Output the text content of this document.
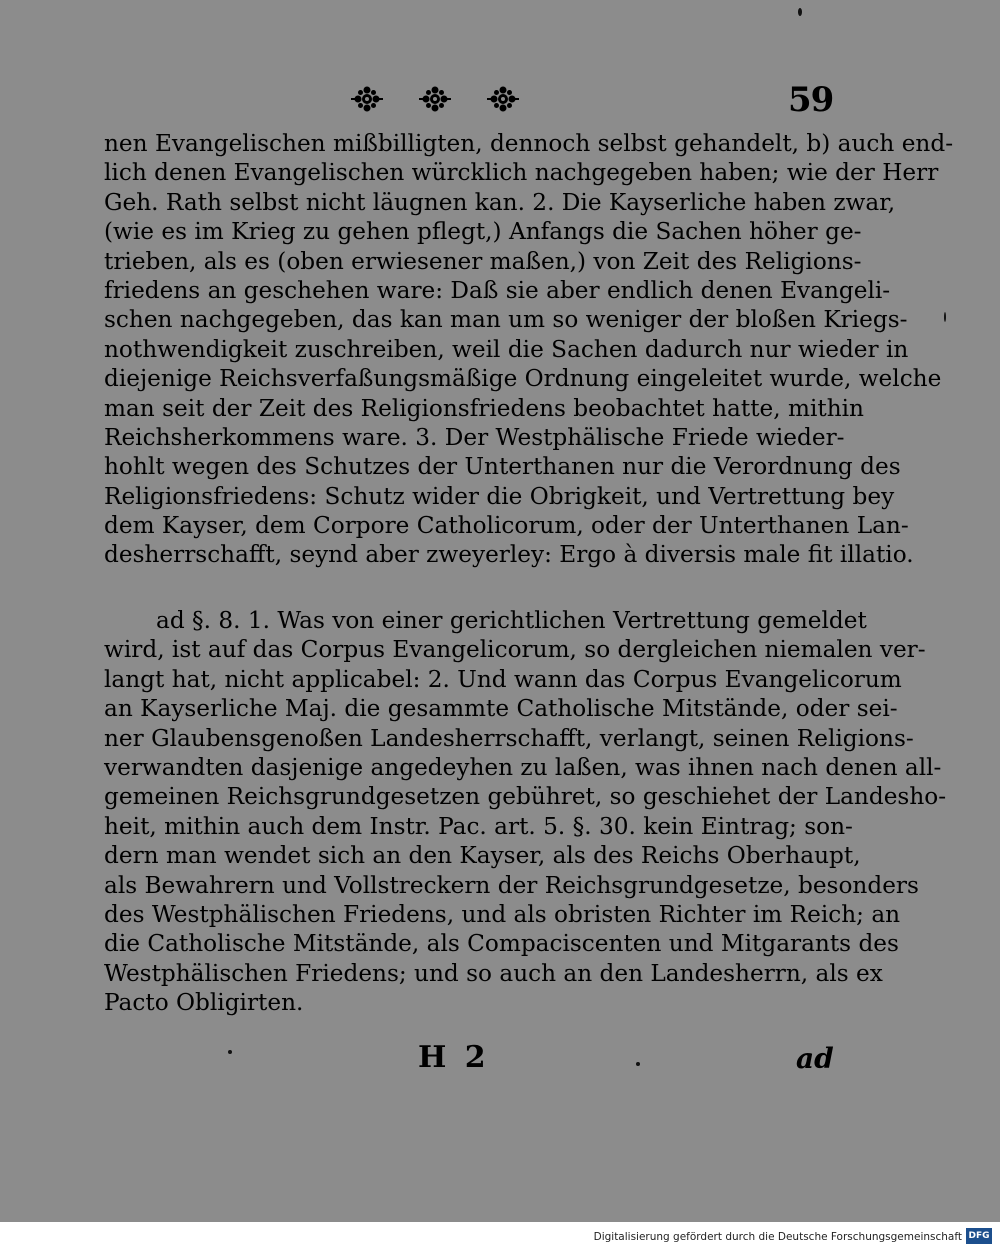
59
nen Evangelischen mißbilligten, dennoch selbst gehandelt, b) auch end-
lich denen Evangelischen würcklich nachgegeben haben; wie der Herr
Geh. Rath selbst nicht läugnen kan. 2. Die Kayserliche haben zwar,
(wie es im Krieg zu gehen pflegt,) Anfangs die Sachen höher ge-
trieben, als es (oben erwiesener maßen,) von Zeit des Religions-
friedens an geschehen ware: Daß sie aber endlich denen Evangeli-
schen nachgegeben, das kan man um so weniger der bloßen Kriegs-
nothwendigkeit zuschreiben, weil die Sachen dadurch nur wieder in
diejenige Reichsverfaßungsmäßige Ordnung eingeleitet wurde, welche
man seit der Zeit des Religionsfriedens beobachtet hatte, mithin
Reichsherkommens ware. 3. Der Westphälische Friede wieder-
hohlt wegen des Schutzes der Unterthanen nur die Verordnung des
Religionsfriedens: Schutz wider die Obrigkeit, und Vertrettung bey
dem Kayser, dem Corpore Catholicorum, oder der Unterthanen Lan-
desherrschafft, seynd aber zweyerley: Ergo à diversis male fit illatio.
ad §. 8. 1. Was von einer gerichtlichen Vertrettung gemeldet
wird, ist auf das Corpus Evangelicorum, so dergleichen niemalen ver-
langt hat, nicht applicabel: 2. Und wann das Corpus Evangelicorum
an Kayserliche Maj. die gesammte Catholische Mitstände, oder sei-
ner Glaubensgenoßen Landesherrschafft, verlangt, seinen Religions-
verwandten dasjenige angedeyhen zu laßen, was ihnen nach denen all-
gemeinen Reichsgrundgesetzen gebühret, so geschiehet der Landesho-
heit, mithin auch dem Instr. Pac. art. 5. §. 30. kein Eintrag; son-
dern man wendet sich an den Kayser, als des Reichs Oberhaupt,
als Bewahrern und Vollstreckern der Reichsgrundgesetze, besonders
des Westphälischen Friedens, und als obristen Richter im Reich; an
die Catholische Mitstände, als Compaciscenten und Mitgarants des
Westphälischen Friedens; und so auch an den Landesherrn, als ex
Pacto Obligirten.
H 2	ad
Digitalisierung gefördert durch die Deutsche Forschungsgemeinschaft DFG
